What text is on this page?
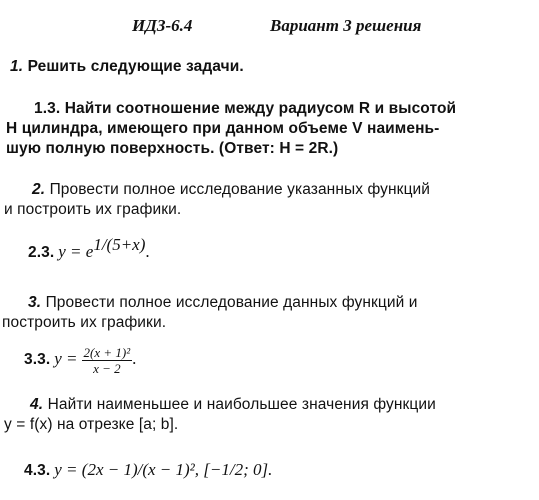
ИДЗ-6.4	Вариант 3 решения
1. Решить следующие задачи.
1.3. Найти соотношение между радиусом R и высотой
H цилиндра, имеющего при данном объеме V наимень-
шую полную поверхность. (Ответ: H = 2R.)
2. Провести полное исследование указанных функций
и построить их графики.
2.3. $y = e^{1/(5+x)}$.
3. Провести полное исследование данных функций и
построить их графики.
3.3. $y = \frac{\text{2(x + 1)²}}{x - 2}$ .
4. Найти наименьшее и наибольшее значения функции
y = f(x) на отрезке [a; b].
4.3. y = (2x − 1)/(x − 1)², [−1/2; 0].
